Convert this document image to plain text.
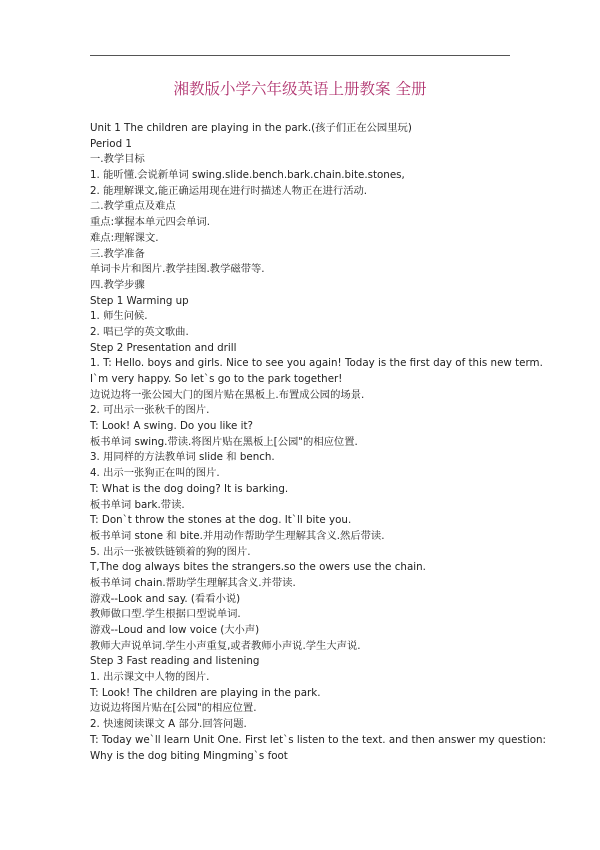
湘教版小学六年级英语上册教案 全册
Unit 1 The children are playing in the park.(孩子们正在公园里玩)
Period 1
一.教学目标
1. 能听懂.会说新单词 swing.slide.bench.bark.chain.bite.stones,
2. 能理解课文,能正确运用现在进行时描述人物正在进行活动.
二.教学重点及难点
重点:掌握本单元四会单词.
难点:理解课文.
三.教学准备
单词卡片和图片.教学挂图.教学磁带等.
四.教学步骤
Step 1 Warming up
1. 师生问候.
2. 唱已学的英文歌曲.
Step 2 Presentation and drill
1. T: Hello. boys and girls. Nice to see you again! Today is the first day of this new term.
I`m very happy. So let`s go to the park together!
边说边将一张公园大门的图片贴在黑板上.布置成公园的场景.
2. 可出示一张秋千的图片.
T: Look! A swing. Do you like it?
板书单词 swing.带读.将图片贴在黑板上[公园"的相应位置.
3. 用同样的方法教单词 slide 和 bench.
4. 出示一张狗正在叫的图片.
T: What is the dog doing? It is barking.
板书单词 bark.带读.
T: Don`t throw the stones at the dog. It`ll bite you.
板书单词 stone 和 bite.并用动作帮助学生理解其含义.然后带读.
5. 出示一张被铁链锁着的狗的图片.
T,The dog always bites the strangers.so the owers use the chain.
板书单词 chain.帮助学生理解其含义.并带读.
游戏--Look and say. (看看小说)
教师做口型.学生根据口型说单词.
游戏--Loud and low voice (大小声)
教师大声说单词.学生小声重复,或者教师小声说.学生大声说.
Step 3 Fast reading and listening
1. 出示课文中人物的图片.
T: Look! The children are playing in the park.
边说边将图片贴在[公园"的相应位置.
2. 快速阅读课文 A 部分.回答问题.
T: Today we`ll learn Unit One. First let`s listen to the text. and then answer my question:
Why is the dog biting Mingming`s foot
